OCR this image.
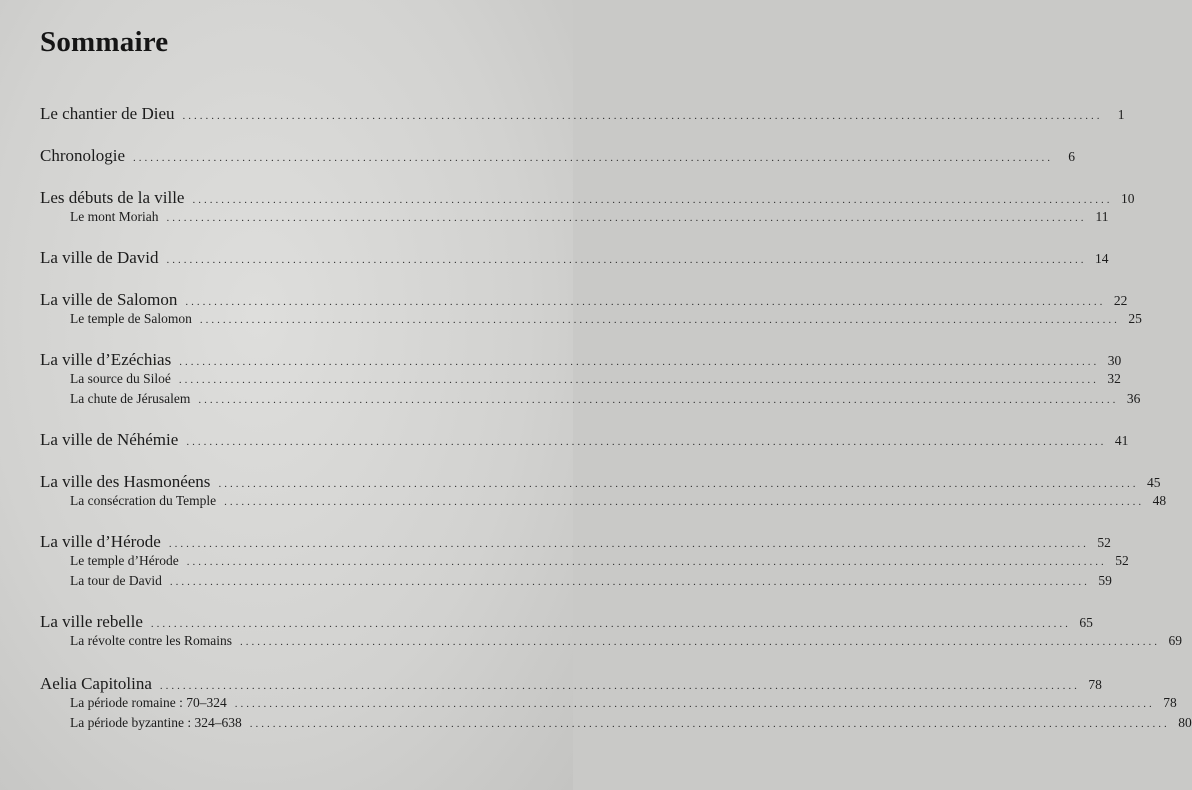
Sommaire
Le chantier de Dieu ................................................................................................................................................................	1
Chronologie ................................................................................................................................................................	6
Les débuts de la ville ................................................................................................................................................................ 10
Le mont Moriah ................................................................................................................................................................ 11
La ville de David ................................................................................................................................................................ 14
La ville de Salomon ................................................................................................................................................................ 22
Le temple de Salomon ................................................................................................................................................................ 25
La ville d’Ezéchias ................................................................................................................................................................ 30
La source du Siloé ................................................................................................................................................................ 32
La chute de Jérusalem ................................................................................................................................................................ 36
La ville de Néhémie ................................................................................................................................................................ 41
La ville des Hasmonéens ................................................................................................................................................................ 45
La consécration du Temple ................................................................................................................................................................ 48
La ville d’Hérode ................................................................................................................................................................ 52
Le temple d’Hérode ................................................................................................................................................................ 52
La tour de David ................................................................................................................................................................ 59
La ville rebelle ................................................................................................................................................................ 65
La révolte contre les Romains ................................................................................................................................................................ 69
Aelia Capitolina ................................................................................................................................................................ 78
La période romaine : 70–324 ................................................................................................................................................................ 78
La période byzantine : 324–638 ................................................................................................................................................................ 80
